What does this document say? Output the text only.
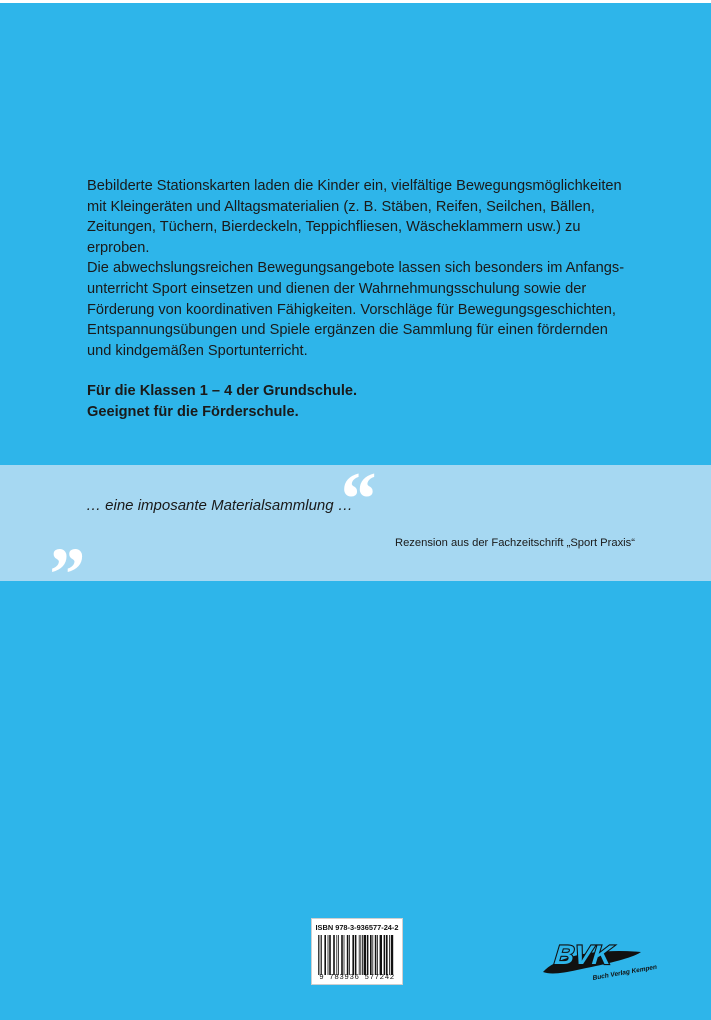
Bebilderte Stationskarten laden die Kinder ein, vielfältige Bewegungsmöglichkeiten
mit Kleingeräten und Alltagsmaterialien (z. B. Stäben, Reifen, Seilchen, Bällen,
Zeitungen, Tüchern, Bierdeckeln, Teppichfliesen, Wäscheklammern usw.) zu
erproben.
Die abwechslungsreichen Bewegungsangebote lassen sich besonders im Anfangs-
unterricht Sport einsetzen und dienen der Wahrnehmungsschulung sowie der
Förderung von koordinativen Fähigkeiten. Vorschläge für Bewegungsgeschichten,
Entspannungsübungen und Spiele ergänzen die Sammlung für einen fördernden
und kindgemäßen Sportunterricht.

Für die Klassen 1 – 4 der Grundschule.
Geeignet für die Förderschule.

„	“
… eine imposante Materialsammlung …
Rezension aus der Fachzeitschrift „Sport Praxis“
ISBN 978-3-936577-24-2
9 783936 577242
BVK
Buch Verlag Kempen
